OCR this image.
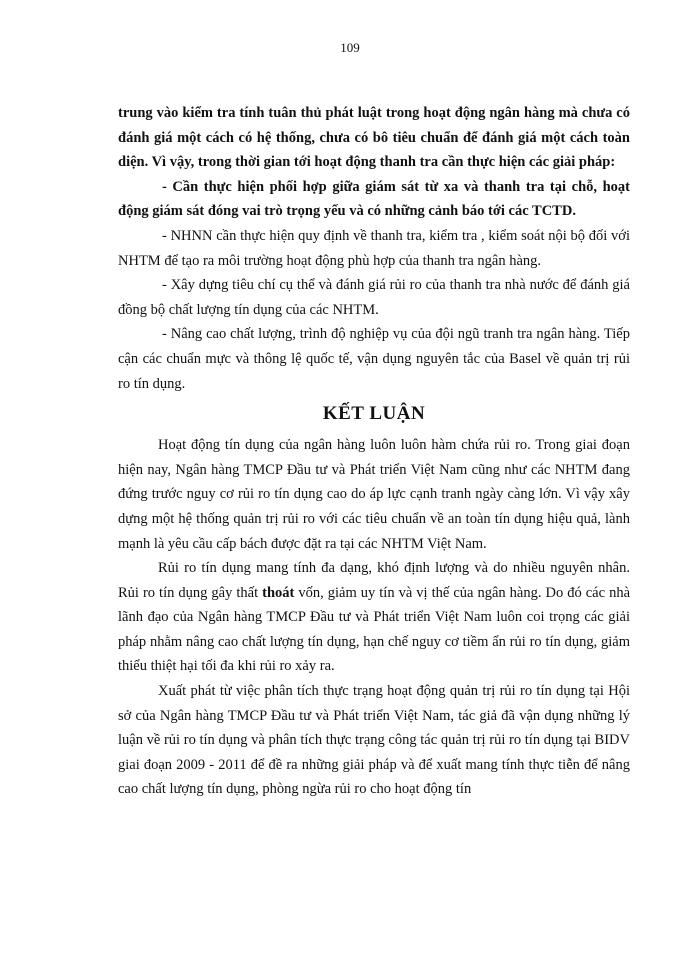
109

trung vào kiểm tra tính tuân thủ phát luật trong hoạt động ngân hàng mà chưa có đánh giá một cách có hệ thống, chưa có bô tiêu chuẩn để đánh giá một cách toàn diện. Vì vậy, trong thời gian tới hoạt động thanh tra cần thực hiện các giải pháp:

- Cần thực hiện phối hợp giữa giám sát từ xa và thanh tra tại chỗ, hoạt động giám sát đóng vai trò trọng yếu và có những cảnh báo tới các TCTD.

- NHNN cần thực hiện quy định về thanh tra, kiểm tra , kiểm soát nội bộ đối với NHTM để tạo ra môi trường hoạt động phù hợp của thanh tra ngân hàng.

- Xây dựng tiêu chí cụ thể và đánh giá rủi ro của thanh tra nhà nước để đánh giá đồng bộ chất lượng tín dụng của các NHTM.

- Nâng cao chất lượng, trình độ nghiệp vụ của đội ngũ tranh tra ngân hàng. Tiếp cận các chuẩn mực và thông lệ quốc tế, vận dụng nguyên tắc của Basel về quản trị rủi ro tín dụng.

KẾT LUẬN

Hoạt động tín dụng của ngân hàng luôn luôn hàm chứa rủi ro. Trong giai đoạn hiện nay, Ngân hàng TMCP Đầu tư và Phát triển Việt Nam cũng như các NHTM đang đứng trước nguy cơ rủi ro tín dụng cao do áp lực cạnh tranh ngày càng lớn. Vì vậy xây dựng một hệ thống quản trị rủi ro với các tiêu chuẩn về an toàn tín dụng hiệu quả, lành mạnh là yêu cầu cấp bách được đặt ra tại các NHTM Việt Nam.

Rủi ro tín dụng mang tính đa dạng, khó định lượng và do nhiều nguyên nhân. Rủi ro tín dụng gây thất thoát vốn, giảm uy tín và vị thế của ngân hàng. Do đó các nhà lãnh đạo của Ngân hàng TMCP Đầu tư và Phát triển Việt Nam luôn coi trọng các giải pháp nhằm nâng cao chất lượng tín dụng, hạn chế nguy cơ tiềm ẩn rủi ro tín dụng, giảm thiểu thiệt hại tối đa khi rủi ro xảy ra.

Xuất phát từ việc phân tích thực trạng hoạt động quản trị rủi ro tín dụng tại Hội sở của Ngân hàng TMCP Đầu tư và Phát triển Việt Nam, tác giả đã vận dụng những lý luận về rủi ro tín dụng và phân tích thực trạng công tác quản trị rủi ro tín dụng tại BIDV giai đoạn 2009 - 2011 để đề ra những giải pháp và để xuất mang tính thực tiễn để nâng cao chất lượng tín dụng, phòng ngừa rủi ro cho hoạt động tín
